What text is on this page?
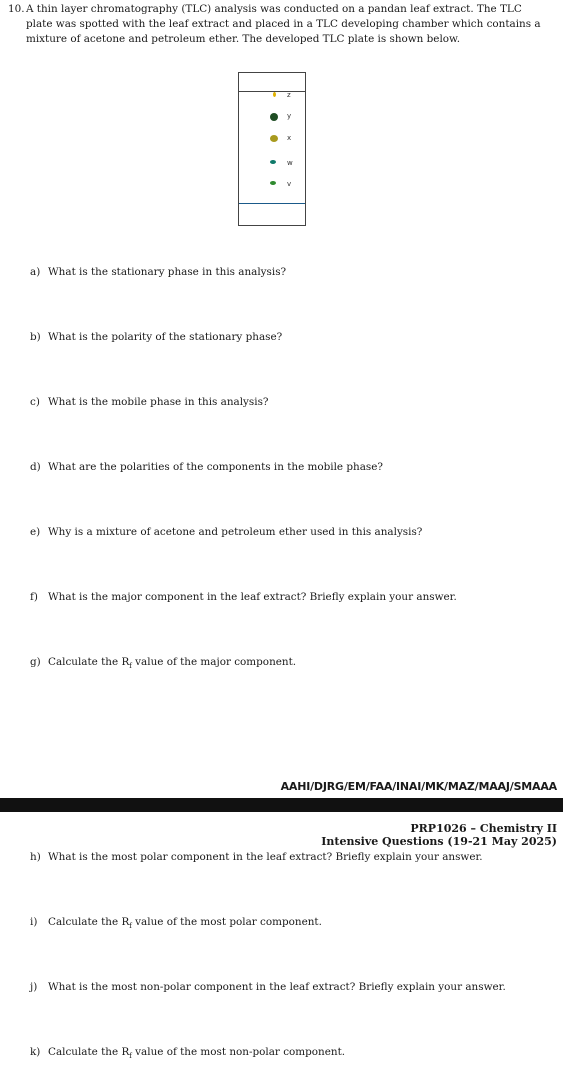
10.A thin layer chromatography (TLC) analysis was conducted on a pandan leaf extract. The TLC
plate was spotted with the leaf extract and placed in a TLC developing chamber which contains a
mixture of acetone and petroleum ether. The developed TLC plate is shown below.
z
y
x
w
v
a) What is the stationary phase in this analysis?
b) What is the polarity of the stationary phase?
c) What is the mobile phase in this analysis?
d) What are the polarities of the components in the mobile phase?
e) Why is a mixture of acetone and petroleum ether used in this analysis?
f) What is the major component in the leaf extract? Briefly explain your answer.
g) Calculate the $R_f$ value of the major component.
AAHI/DJRG/EM/FAA/INAI/MK/MAZ/MAAJ/SMAAA
PRP1026 – Chemistry II
Intensive Questions (19-21 May 2025)
h) What is the most polar component in the leaf extract? Briefly explain your answer.
i) Calculate the $R_f$ value of the most polar component.
j) What is the most non-polar component in the leaf extract? Briefly explain your answer.
k) Calculate the $R_f$ value of the most non-polar component.
